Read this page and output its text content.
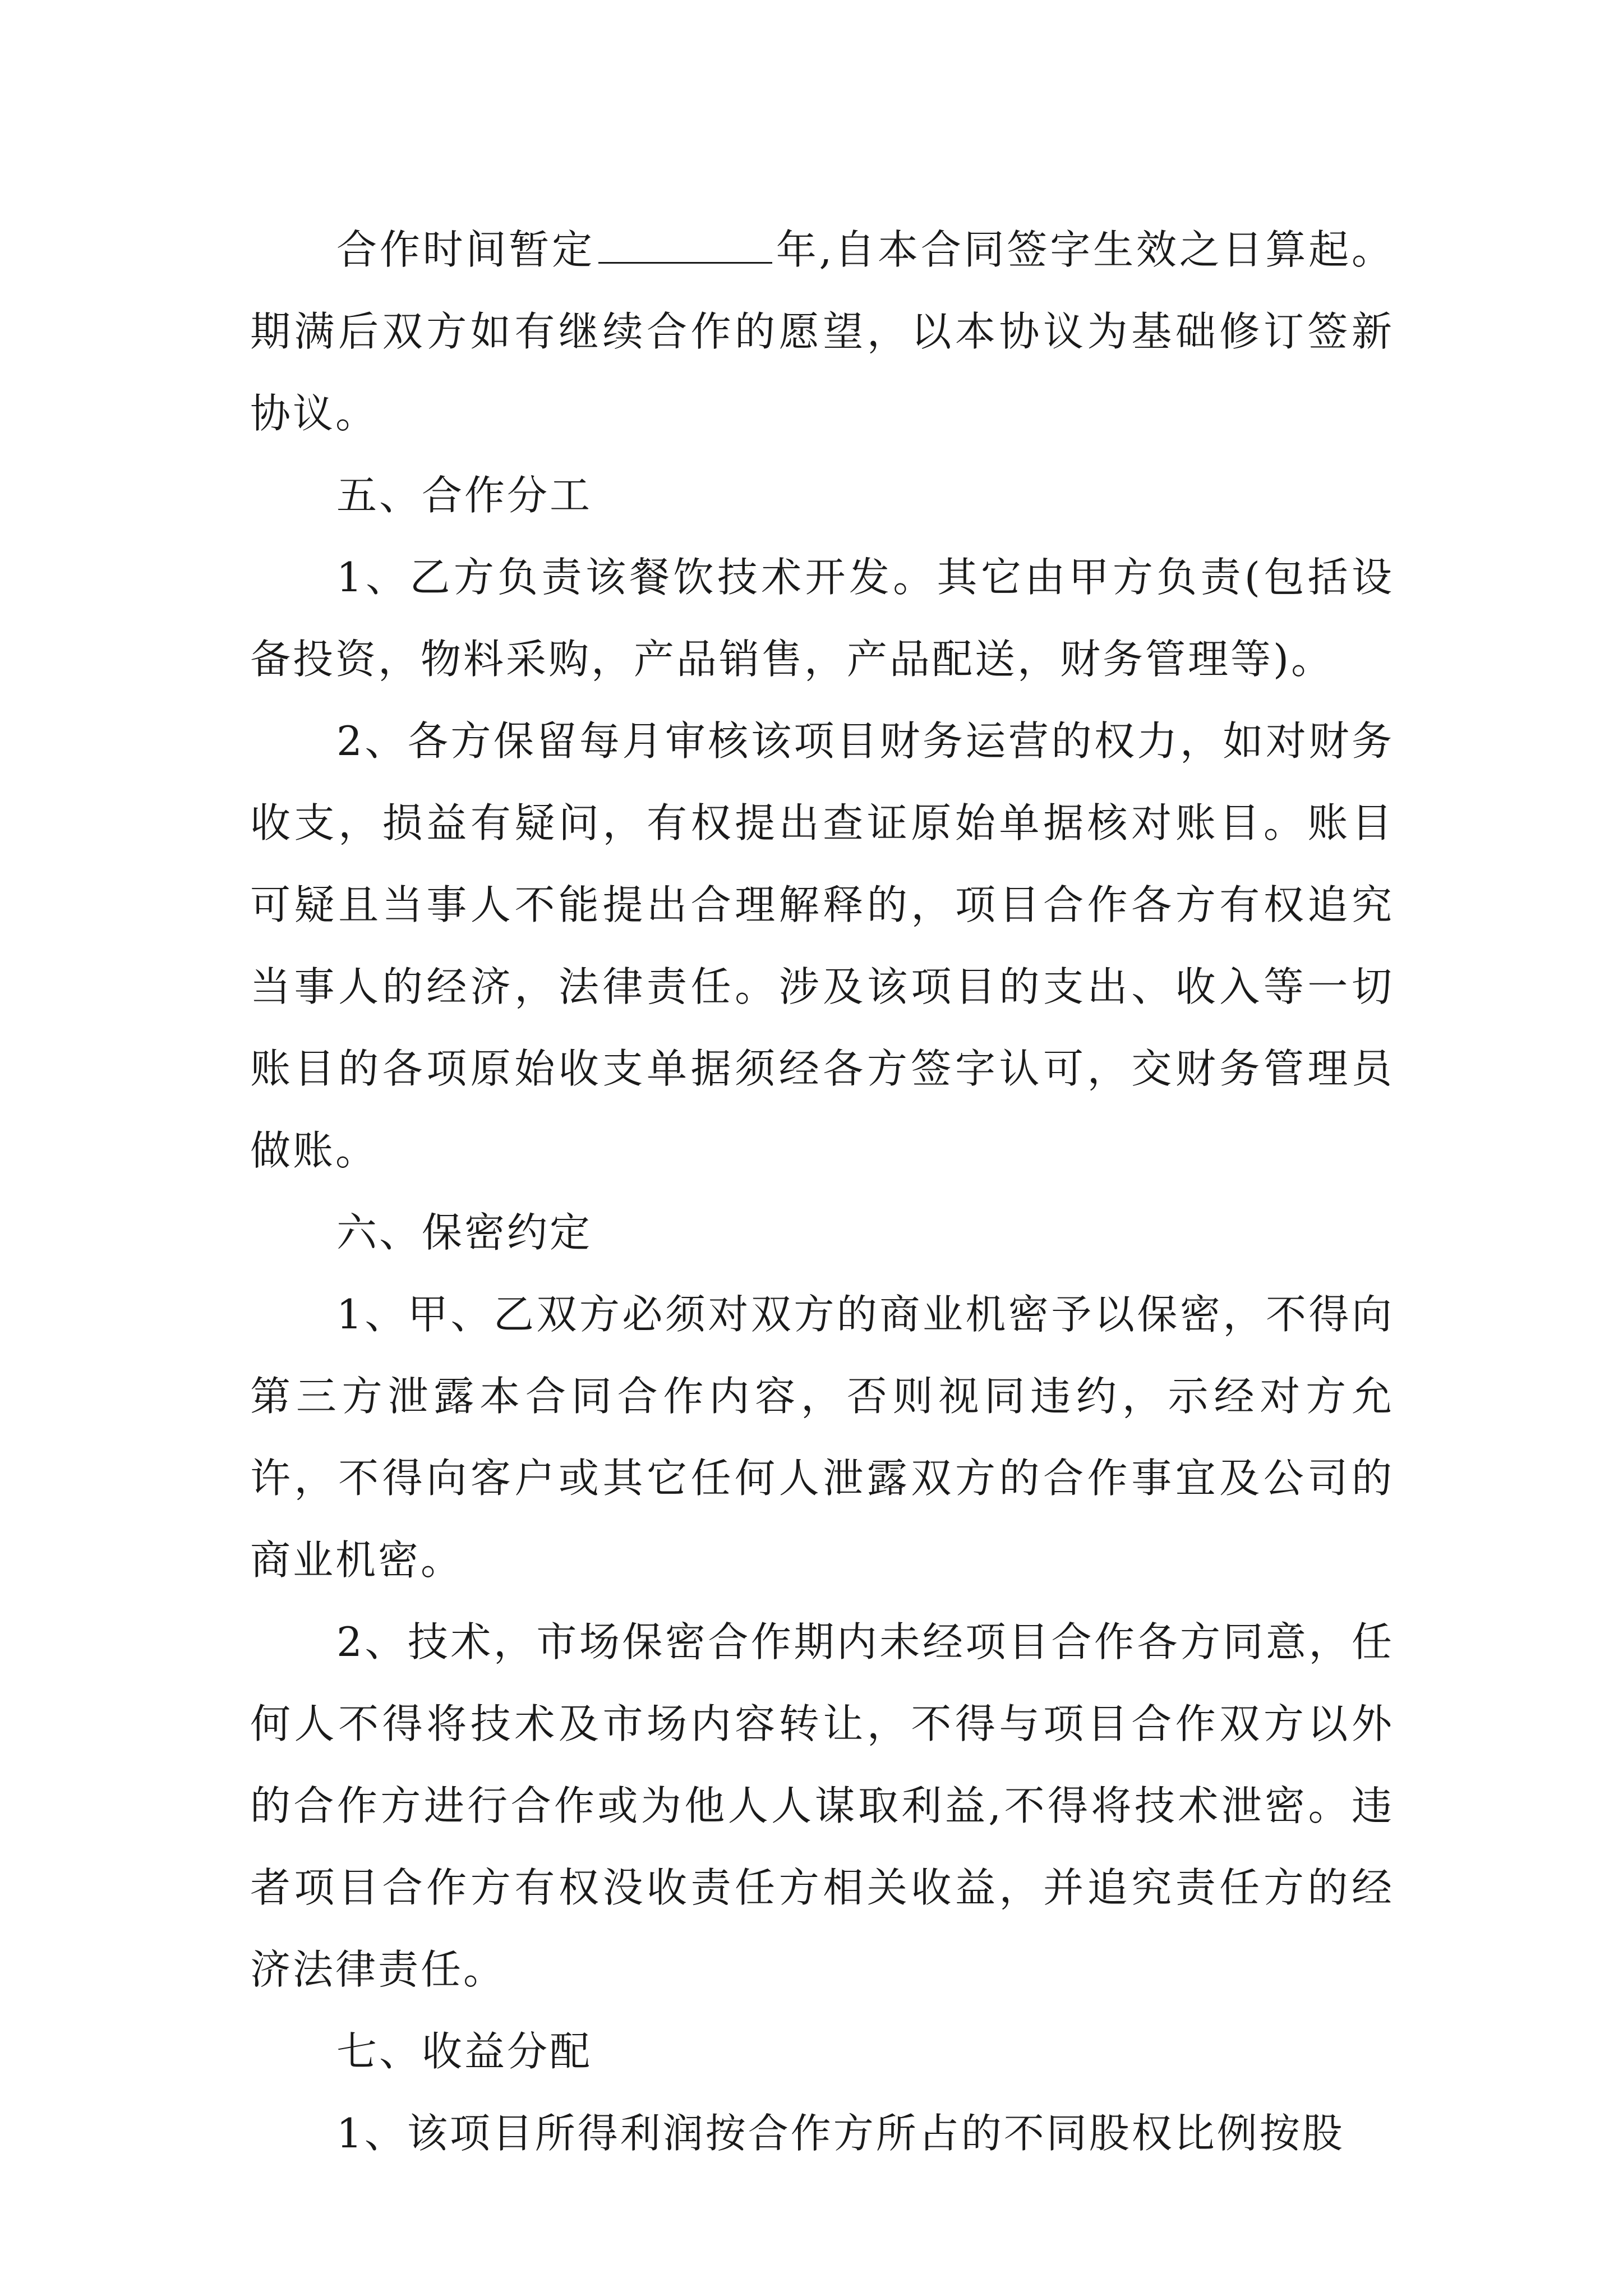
合作时间暂定	年,自本合同签字生效之日算起。期满后双方如有继续合作的愿望，以本协议为基础修订签新协议。

五、合作分工

1、乙方负责该餐饮技术开发。其它由甲方负责(包括设备投资，物料采购，产品销售，产品配送，财务管理等)。

2、各方保留每月审核该项目财务运营的权力，如对财务收支，损益有疑问，有权提出查证原始单据核对账目。账目可疑且当事人不能提出合理解释的，项目合作各方有权追究当事人的经济，法律责任。涉及该项目的支出、收入等一切账目的各项原始收支单据须经各方签字认可，交财务管理员做账。

六、保密约定

1、甲、乙双方必须对双方的商业机密予以保密，不得向第三方泄露本合同合作内容，否则视同违约，示经对方允许，不得向客户或其它任何人泄露双方的合作事宜及公司的商业机密。

2、技术，市场保密合作期内未经项目合作各方同意，任何人不得将技术及市场内容转让，不得与项目合作双方以外的合作方进行合作或为他人人谋取利益,不得将技术泄密。违者项目合作方有权没收责任方相关收益，并追究责任方的经济法律责任。

七、收益分配

1、该项目所得利润按合作方所占的不同股权比例按股
